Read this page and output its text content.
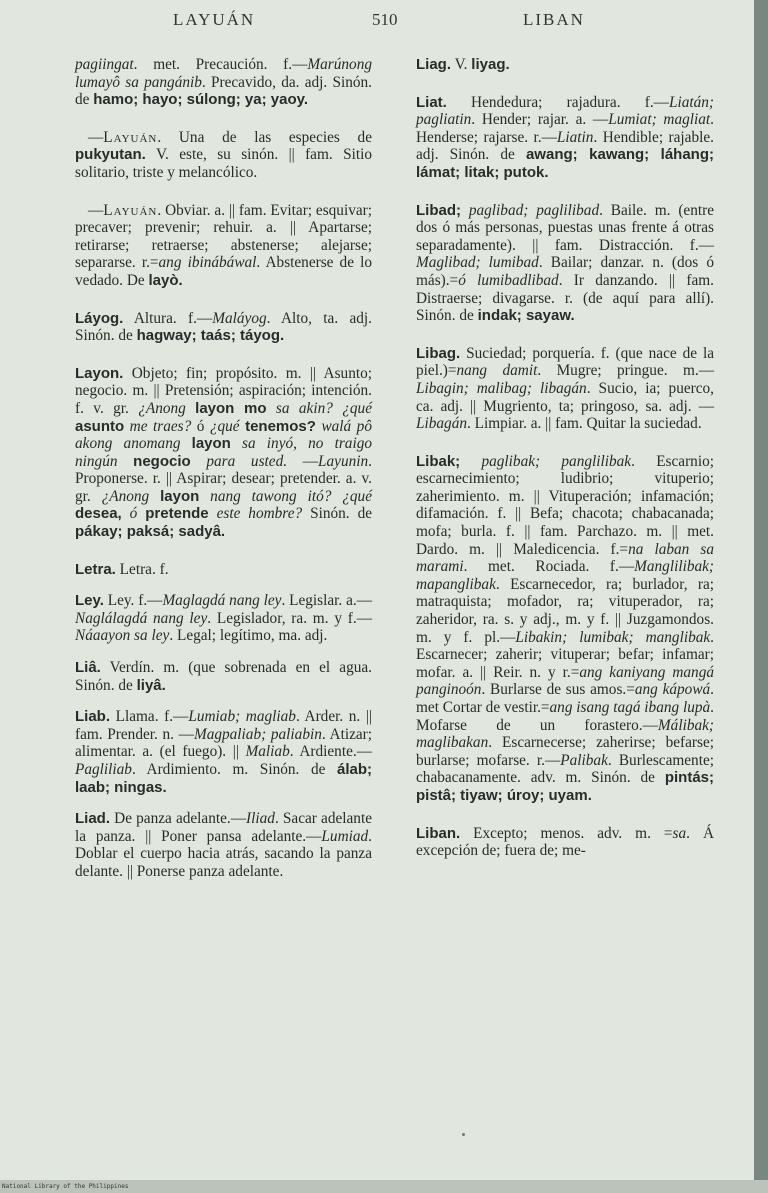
LAYUÁN	510	LIBAN

pagiingat. met. Precaución. f.—Marúnong lumayô sa pangánib. Precavido, da. adj. Sinón. de hamo; hayo; súlong; ya; yaoy.

—Layuán. Una de las especies de pukyutan. V. este, su sinón. || fam. Sitio solitario, triste y melancólico.

—Layuán. Obviar. a. || fam. Evitar; esquivar; precaver; prevenir; rehuir. a. || Apartarse; retirarse; retraerse; abstenerse; alejarse; separarse. r.=ang ibinábáwal. Abstenerse de lo vedado. De layò.

Láyog. Altura. f.—Maláyog. Alto, ta. adj. Sinón. de hagway; taás; táyog.

Layon. Objeto; fin; propósito. m. || Asunto; negocio. m. || Pretensión; aspiración; intención. f. v. gr. ¿Anong layon mo sa akin? ¿qué asunto me traes? ó ¿qué tenemos? walá pô akong anomang layon sa inyó, no traigo ningún negocio para usted. —Layunin. Proponerse. r. || Aspirar; desear; pretender. a. v. gr. ¿Anong layon nang tawong itó? ¿qué desea, ó pretende este hombre? Sinón. de pákay; paksá; sadyâ.

Letra. Letra. f.

Ley. Ley. f.—Maglagdá nang ley. Legislar. a.—Naglálagdá nang ley. Legislador, ra. m. y f.—Náaayon sa ley. Legal; legítimo, ma. adj.

Liâ. Verdín. m. (que sobrenada en el agua. Sinón. de liyâ.

Liab. Llama. f.—Lumiab; magliab. Arder. n. || fam. Prender. n. —Magpaliab; paliabin. Atizar; alimentar. a. (el fuego). || Maliab. Ardiente.—Pagliliab. Ardimiento. m. Sinón. de álab; laab; ningas.

Liad. De panza adelante.—Iliad. Sacar adelante la panza. || Poner pansa adelante.—Lumiad. Doblar el cuerpo hacia atrás, sacando la panza delante. || Ponerse panza adelante.

Liag. V. liyag.

Liat. Hendedura; rajadura. f.—Liatán; pagliatin. Hender; rajar. a. —Lumiat; magliat. Henderse; rajarse. r.—Liatin. Hendible; rajable. adj. Sinón. de awang; kawang; láhang; lámat; litak; putok.

Libad; paglibad; paglilibad. Baile. m. (entre dos ó más personas, puestas unas frente á otras separadamente). || fam. Distracción. f.—Maglibad; lumibad. Bailar; danzar. n. (dos ó más).=ó lumibadlibad. Ir danzando. || fam. Distraerse; divagarse. r. (de aquí para allí). Sinón. de indak; sayaw.

Libag. Suciedad; porquería. f. (que nace de la piel.)=nang damit. Mugre; pringue. m.—Libagin; malibag; libagán. Sucio, ia; puerco, ca. adj. || Mugriento, ta; pringoso, sa. adj. — Libagán. Limpiar. a. || fam. Quitar la suciedad.

Libak; paglibak; panglilibak. Escarnio; escarnecimiento; ludibrio; vituperio; zaherimiento. m. || Vituperación; infamación; difamación. f. || Befa; chacota; chabacanada; mofa; burla. f. || fam. Parchazo. m. || met. Dardo. m. || Maledicencia. f.=na laban sa marami. met. Rociada. f.—Manglilibak; mapanglibak. Escarnecedor, ra; burlador, ra; matraquista; mofador, ra; vituperador, ra; zaheridor, ra. s. y adj., m. y f. || Juzgamondos. m. y f. pl.—Libakin; lumibak; manglibak. Escarnecer; zaherir; vituperar; befar; infamar; mofar. a. || Reir. n. y r.=ang kaniyang mangá panginoón. Burlarse de sus amos.=ang kápowá. met Cortar de vestir.=ang isang tagá ibang lupà. Mofarse de un forastero.—Málibak; maglibakan. Escarnecerse; zaherirse; befarse; burlarse; mofarse. r.—Palibak. Burlescamente; chabacanamente. adv. m. Sinón. de pintás; pistâ; tiyaw; úroy; uyam.

Liban. Excepto; menos. adv. m. =sa. Á excepción de; fuera de; me-

National Library of the Philippines
